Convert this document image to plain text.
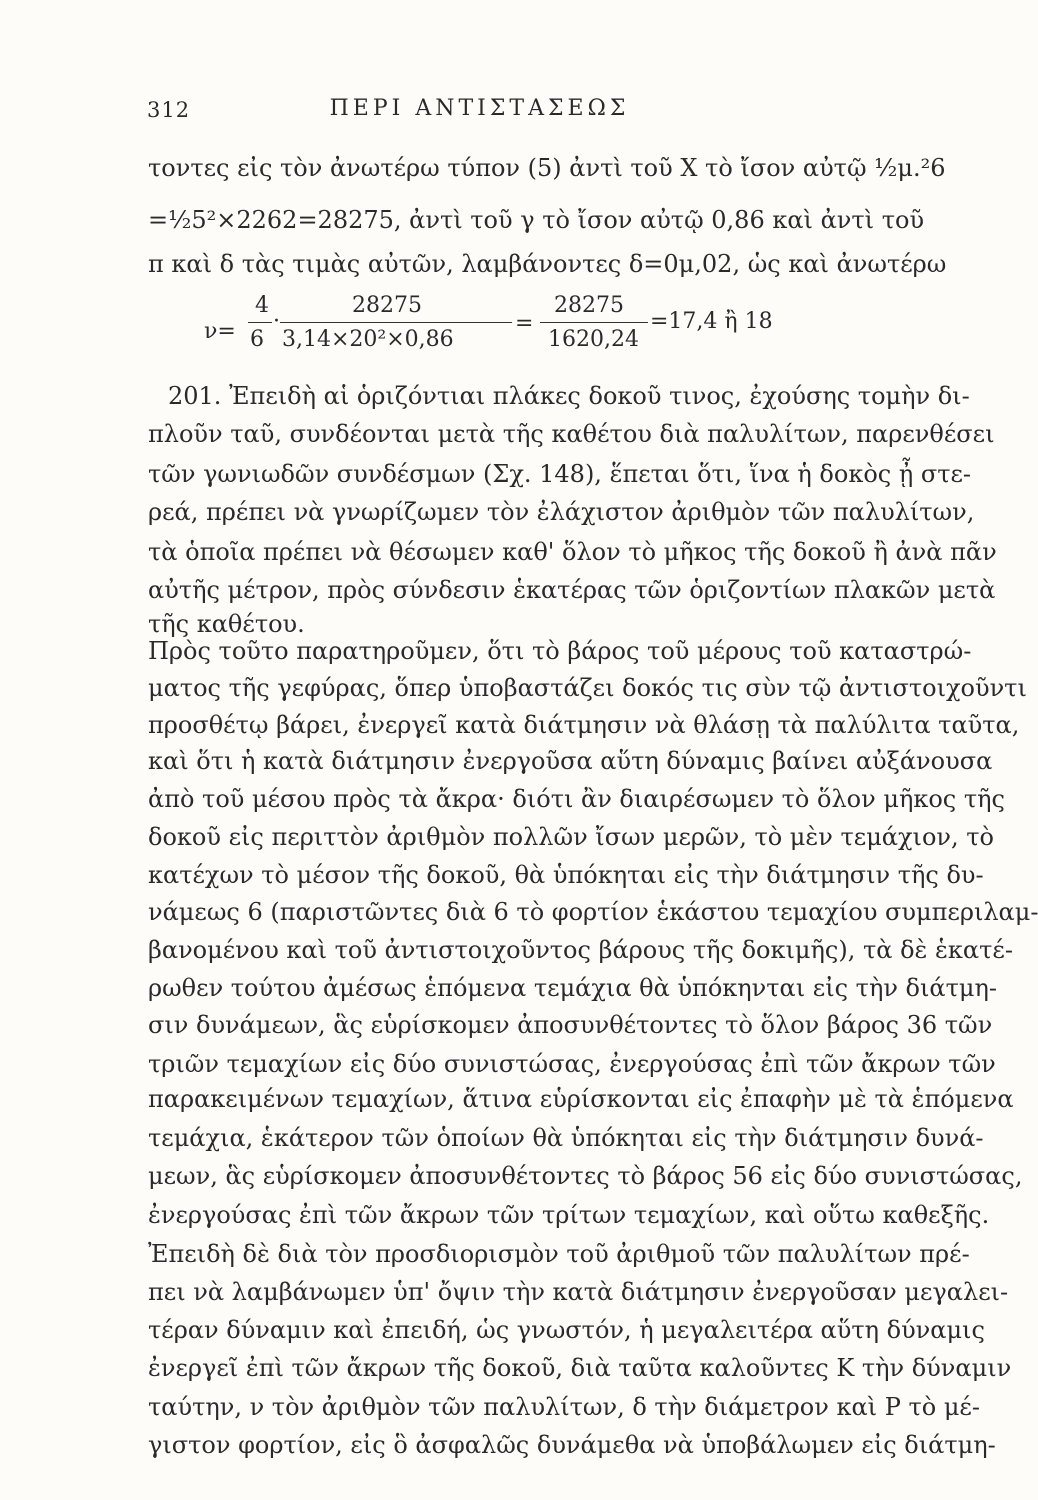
312	ΠΕΡΙ ΑΝΤΙΣΤΑΣΕΩΣ
τοντες εἰς τὸν ἀνωτέρω τύπον (5) ἀντὶ τοῦ X τὸ ἴσον αὐτῷ ½μ.²6
=½5²×2262=28275, ἀντὶ τοῦ γ τὸ ἴσον αὐτῷ 0,86 καὶ ἀντὶ τοῦ
π καὶ δ τὰς τιμὰς αὐτῶν, λαμβάνοντες δ=0μ,02, ὡς καὶ ἀνωτέρω
ν=
4
6
·
28275
3,14×20²×0,86
=
28275
1620,24
=17,4 ἢ 18
201. Ἐπειδὴ αἱ ὁριζόντιαι πλάκες δοκοῦ τινος, ἐχούσης τομὴν δι-
πλοῦν ταῦ, συνδέονται μετὰ τῆς καθέτου διὰ παλυλίτων, παρενθέσει
τῶν γωνιωδῶν συνδέσμων (Σχ. 148), ἕπεται ὅτι, ἵνα ἡ δοκὸς ᾖ στε-
ρεά, πρέπει νὰ γνωρίζωμεν τὸν ἐλάχιστον ἀριθμὸν τῶν παλυλίτων,
τὰ ὁποῖα πρέπει νὰ θέσωμεν καθ' ὅλον τὸ μῆκος τῆς δοκοῦ ἢ ἀνὰ πᾶν
αὐτῆς μέτρον, πρὸς σύνδεσιν ἑκατέρας τῶν ὁριζοντίων πλακῶν μετὰ
τῆς καθέτου.
Πρὸς τοῦτο παρατηροῦμεν, ὅτι τὸ βάρος τοῦ μέρους τοῦ καταστρώ-
ματος τῆς γεφύρας, ὅπερ ὑποβαστάζει δοκός τις σὺν τῷ ἀντιστοιχοῦντι
προσθέτῳ βάρει, ἐνεργεῖ κατὰ διάτμησιν νὰ θλάσῃ τὰ παλύλιτα ταῦτα,
καὶ ὅτι ἡ κατὰ διάτμησιν ἐνεργοῦσα αὕτη δύναμις βαίνει αὐξάνουσα
ἀπὸ τοῦ μέσου πρὸς τὰ ἄκρα· διότι ἂν διαιρέσωμεν τὸ ὅλον μῆκος τῆς
δοκοῦ εἰς περιττὸν ἀριθμὸν πολλῶν ἴσων μερῶν, τὸ μὲν τεμάχιον, τὸ
κατέχων τὸ μέσον τῆς δοκοῦ, θὰ ὑπόκηται εἰς τὴν διάτμησιν τῆς δυ-
νάμεως 6 (παριστῶντες διὰ 6 τὸ φορτίον ἑκάστου τεμαχίου συμπεριλαμ-
βανομένου καὶ τοῦ ἀντιστοιχοῦντος βάρους τῆς δοκιμῆς), τὰ δὲ ἑκατέ-
ρωθεν τούτου ἀμέσως ἑπόμενα τεμάχια θὰ ὑπόκηνται εἰς τὴν διάτμη-
σιν δυνάμεων, ἃς εὑρίσκομεν ἀποσυνθέτοντες τὸ ὅλον βάρος 36 τῶν
τριῶν τεμαχίων εἰς δύο συνιστώσας, ἐνεργούσας ἐπὶ τῶν ἄκρων τῶν
παρακειμένων τεμαχίων, ἅτινα εὑρίσκονται εἰς ἐπαφὴν μὲ τὰ ἑπόμενα
τεμάχια, ἑκάτερον τῶν ὁποίων θὰ ὑπόκηται εἰς τὴν διάτμησιν δυνά-
μεων, ἃς εὑρίσκομεν ἀποσυνθέτοντες τὸ βάρος 56 εἰς δύο συνιστώσας,
ἐνεργούσας ἐπὶ τῶν ἄκρων τῶν τρίτων τεμαχίων, καὶ οὕτω καθεξῆς.
Ἐπειδὴ δὲ διὰ τὸν προσδιορισμὸν τοῦ ἀριθμοῦ τῶν παλυλίτων πρέ-
πει νὰ λαμβάνωμεν ὑπ' ὄψιν τὴν κατὰ διάτμησιν ἐνεργοῦσαν μεγαλει-
τέραν δύναμιν καὶ ἐπειδή, ὡς γνωστόν, ἡ μεγαλειτέρα αὕτη δύναμις
ἐνεργεῖ ἐπὶ τῶν ἄκρων τῆς δοκοῦ, διὰ ταῦτα καλοῦντες K τὴν δύναμιν
ταύτην, ν τὸν ἀριθμὸν τῶν παλυλίτων, δ τὴν διάμετρον καὶ P τὸ μέ-
γιστον φορτίον, εἰς ὃ ἀσφαλῶς δυνάμεθα νὰ ὑποβάλωμεν εἰς διάτμη-
